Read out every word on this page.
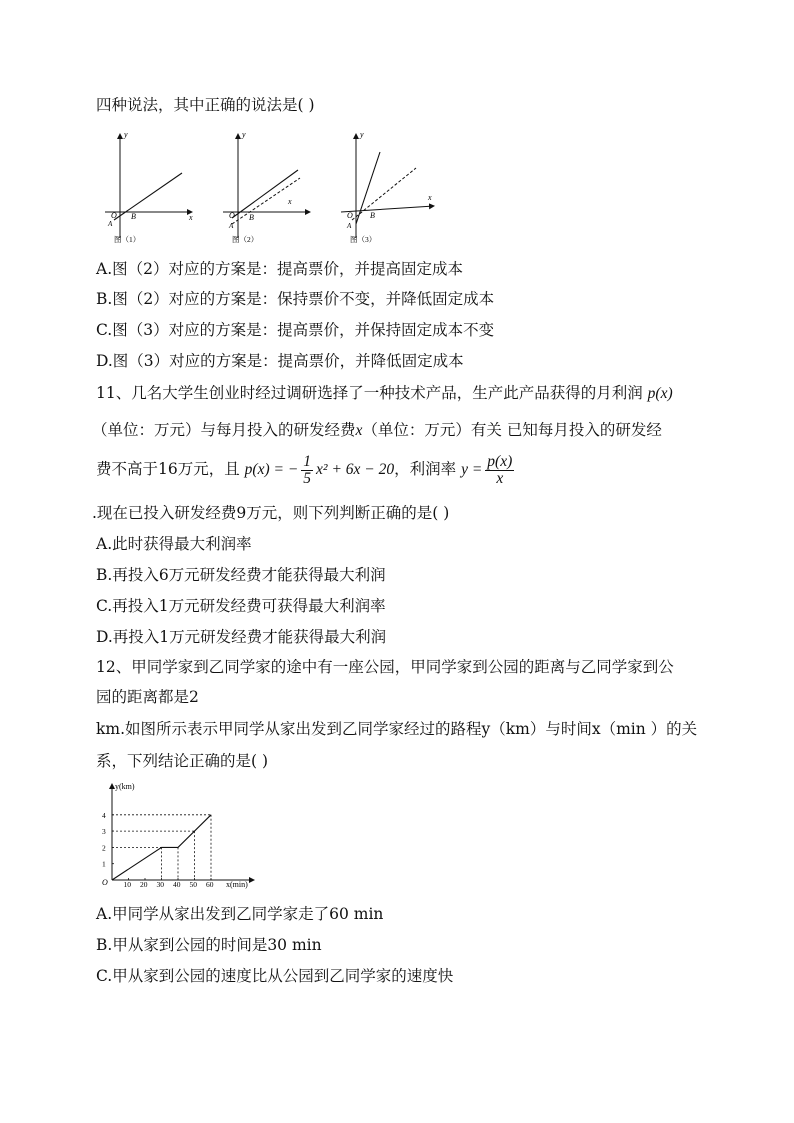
四种说法，其中正确的说法是( )
y
x
O
A
B
图（1）
y
x
O
A
B
图（2）
y
x
O
A
B
图（3）
A.图（2）对应的方案是：提高票价，并提高固定成本
B.图（2）对应的方案是：保持票价不变，并降低固定成本
C.图（3）对应的方案是：提高票价，并保持固定成本不变
D.图（3）对应的方案是：提高票价，并降低固定成本
11、几名大学生创业时经过调研选择了一种技术产品，生产此产品获得的月利润 p(x)
（单位：万元）与每月投入的研发经费x（单位：万元）有关 已知每月投入的研发经
费不高于16万元，且 p(x) = − $\frac{1}{5} x^2 + 6x - 20$，利润率 $y = \frac{p(x)}{x}$
.现在已投入研发经费9万元，则下列判断正确的是( )
A.此时获得最大利润率
B.再投入6万元研发经费才能获得最大利润
C.再投入1万元研发经费可获得最大利润率
D.再投入1万元研发经费才能获得最大利润
12、甲同学家到乙同学家的途中有一座公园，甲同学家到公园的距离与乙同学家到公
园的距离都是2
km.如图所示表示甲同学从家出发到乙同学家经过的路程y（km）与时间x（min ）的关
系，下列结论正确的是( )
y(km)
x(min)
O 10 20 30 40 50 60
1
2
3
4
A.甲同学从家出发到乙同学家走了60 min
B.甲从家到公园的时间是30 min
C.甲从家到公园的速度比从公园到乙同学家的速度快
